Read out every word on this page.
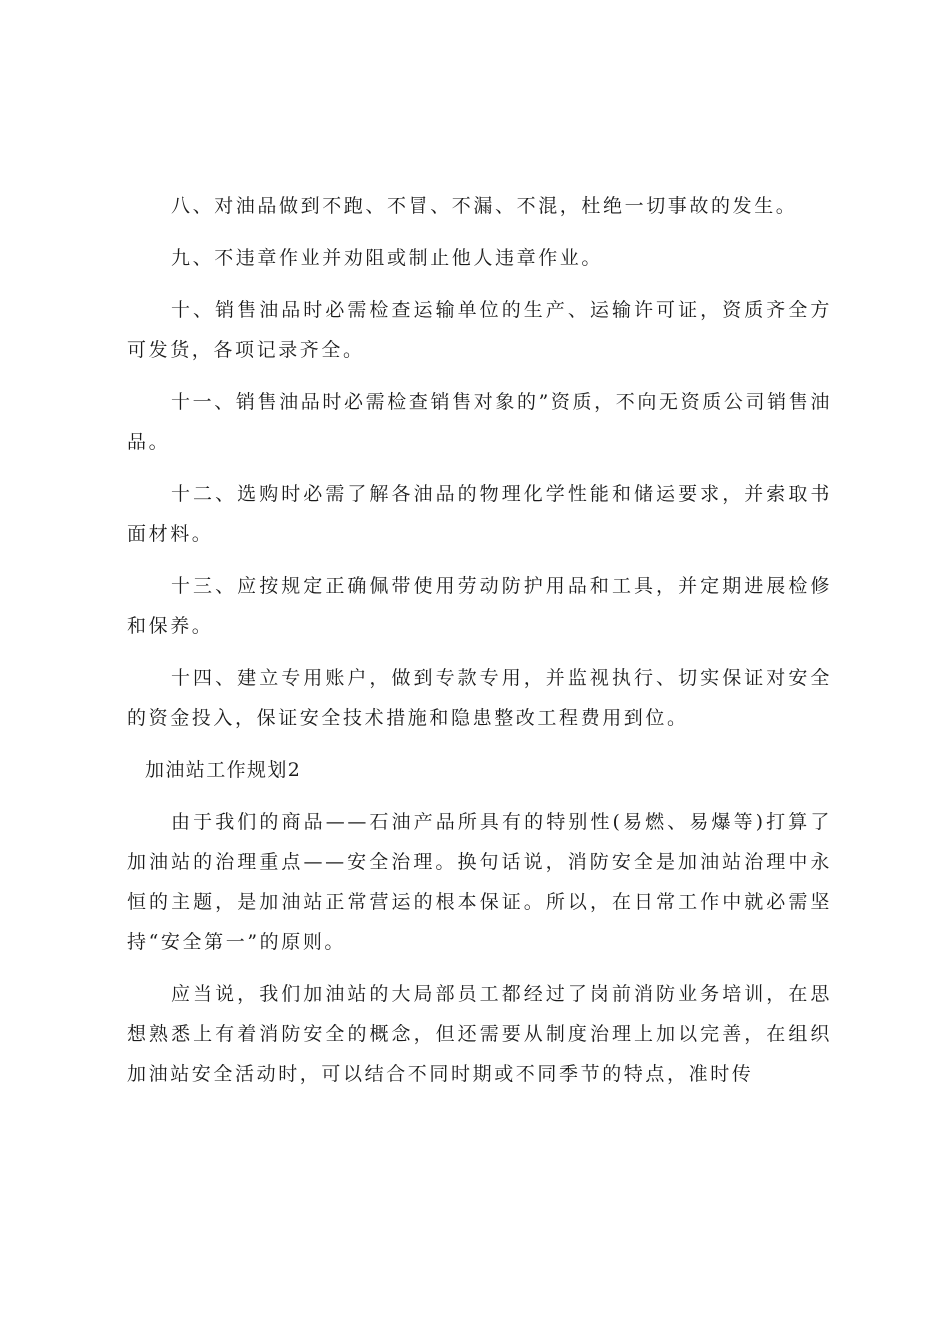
八、对油品做到不跑、不冒、不漏、不混，杜绝一切事故的发生。

九、不违章作业并劝阻或制止他人违章作业。

十、销售油品时必需检查运输单位的生产、运输许可证，资质齐全方可发货，各项记录齐全。

十一、销售油品时必需检查销售对象的”资质，不向无资质公司销售油品。

十二、选购时必需了解各油品的物理化学性能和储运要求，并索取书面材料。

十三、应按规定正确佩带使用劳动防护用品和工具，并定期进展检修和保养。

十四、建立专用账户，做到专款专用，并监视执行、切实保证对安全的资金投入，保证安全技术措施和隐患整改工程费用到位。

加油站工作规划2

由于我们的商品——石油产品所具有的特别性(易燃、易爆等)打算了加油站的治理重点——安全治理。换句话说，消防安全是加油站治理中永恒的主题，是加油站正常营运的根本保证。所以，在日常工作中就必需坚持“安全第一”的原则。

应当说，我们加油站的大局部员工都经过了岗前消防业务培训，在思想熟悉上有着消防安全的概念，但还需要从制度治理上加以完善，在组织加油站安全活动时，可以结合不同时期或不同季节的特点，准时传
